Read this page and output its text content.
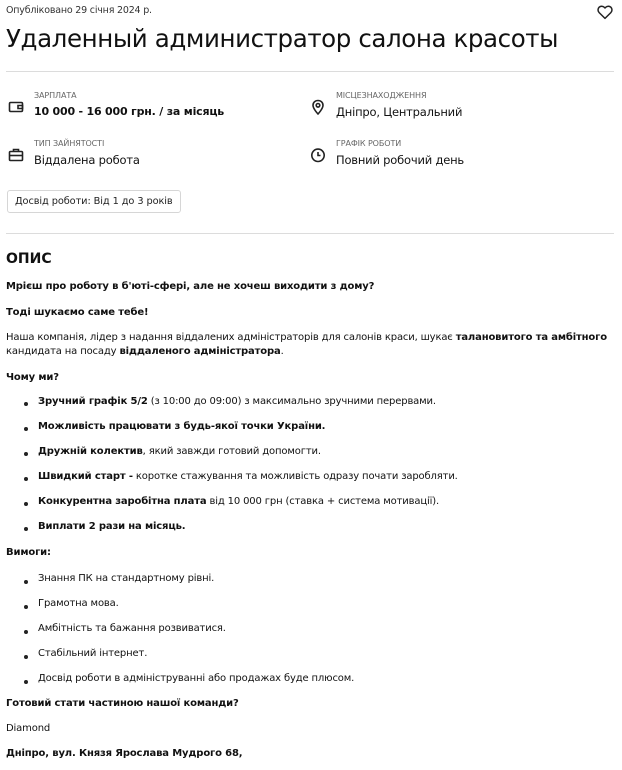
Опубліковано 29 січня 2024 р.
Удаленный администратор салона красоты
ЗАРПЛАТА
10 000 - 16 000 грн. / за місяць
МІСЦЕЗНАХОДЖЕННЯ
Дніпро, Центральний
ТИП ЗАЙНЯТОСТІ
Віддалена робота
ГРАФІК РОБОТИ
Повний робочий день
Досвід роботи: Від 1 до 3 років
ОПИС
Мрієш про роботу в б'юті-сфері, але не хочеш виходити з дому?
Тоді шукаємо саме тебе!
Наша компанія, лідер з надання віддалених адміністраторів для салонів краси, шукає талановитого та амбітного
кандидата на посаду віддаленого адміністратора.
Чому ми?
Зручний графік 5/2 (з 10:00 до 09:00) з максимально зручними перервами.
Можливість працювати з будь-якої точки України.
Дружній колектив, який завжди готовий допомогти.
Швидкий старт - коротке стажування та можливість одразу почати заробляти.
Конкурентна заробітна плата від 10 000 грн (ставка + система мотивації).
Виплати 2 рази на місяць.
Вимоги:
Знання ПК на стандартному рівні.
Грамотна мова.
Амбітність та бажання розвиватися.
Стабільний інтернет.
Досвід роботи в адмініструванні або продажах буде плюсом.
Готовий стати частиною нашої команди?
Diamond
Дніпро, вул. Князя Ярослава Мудрого 68,
